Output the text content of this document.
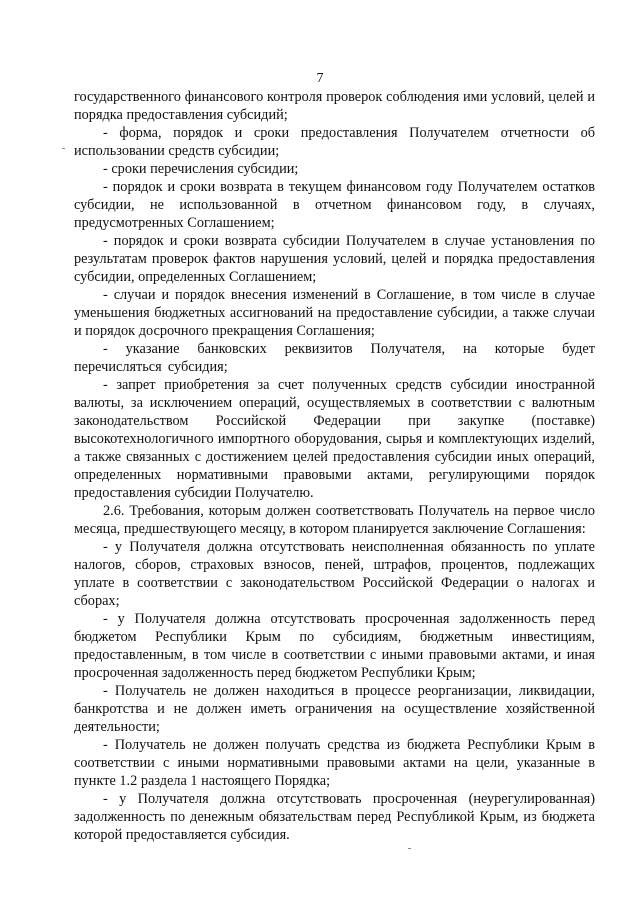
7

государственного финансового контроля проверок соблюдения ими условий, целей и порядка предоставления субсидий;

- форма, порядок и сроки предоставления Получателем отчетности об использовании средств субсидии;

- сроки перечисления субсидии;

- порядок и сроки возврата в текущем финансовом году Получателем остатков субсидии, не использованной в отчетном финансовом году, в случаях, предусмотренных Соглашением;

- порядок и сроки возврата субсидии Получателем в случае установления по результатам проверок фактов нарушения условий, целей и порядка предоставления субсидии, определенных Соглашением;

- случаи и порядок внесения изменений в Соглашение, в том числе в случае уменьшения бюджетных ассигнований на предоставление субсидии, а также случаи и порядок досрочного прекращения Соглашения;

- указание банковских реквизитов Получателя, на которые будет перечисляться субсидия;

- запрет приобретения за счет полученных средств субсидии иностранной валюты, за исключением операций, осуществляемых в соответствии с валютным законодательством Российской Федерации при закупке (поставке) высокотехнологичного импортного оборудования, сырья и комплектующих изделий, а также связанных с достижением целей предоставления субсидии иных операций, определенных нормативными правовыми актами, регулирующими порядок предоставления субсидии Получателю.

2.6. Требования, которым должен соответствовать Получатель на первое число месяца, предшествующего месяцу, в котором планируется заключение Соглашения:

- у Получателя должна отсутствовать неисполненная обязанность по уплате налогов, сборов, страховых взносов, пеней, штрафов, процентов, подлежащих уплате в соответствии с законодательством Российской Федерации о налогах и сборах;

- у Получателя должна отсутствовать просроченная задолженность перед бюджетом Республики Крым по субсидиям, бюджетным инвестициям, предоставленным, в том числе в соответствии с иными правовыми актами, и иная просроченная задолженность перед бюджетом Республики Крым;

- Получатель не должен находиться в процессе реорганизации, ликвидации, банкротства и не должен иметь ограничения на осуществление хозяйственной деятельности;

- Получатель не должен получать средства из бюджета Республики Крым в соответствии с иными нормативными правовыми актами на цели, указанные в пункте 1.2 раздела 1 настоящего Порядка;

- у Получателя должна отсутствовать просроченная (неурегулированная) задолженность по денежным обязательствам перед Республикой Крым, из бюджета которой предоставляется субсидия.
